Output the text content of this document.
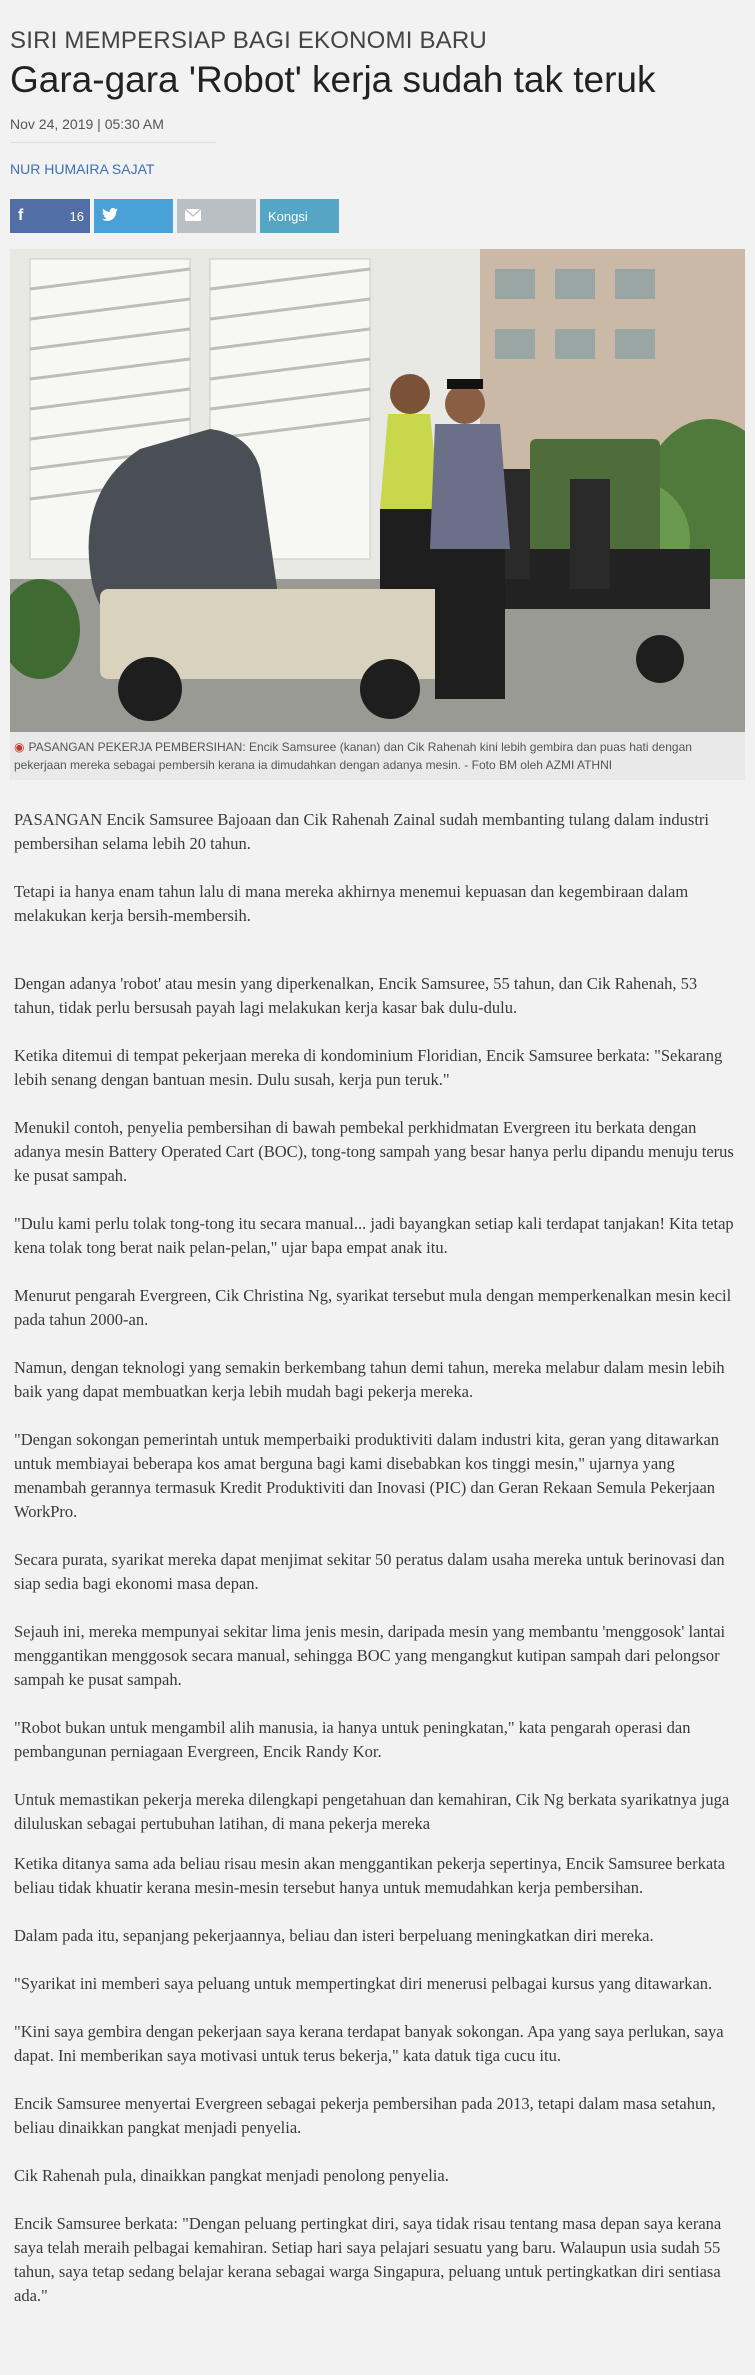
SIRI MEMPERSIAP BAGI EKONOMI BARU
Gara-gara 'Robot' kerja sudah tak teruk
Nov 24, 2019 | 05:30 AM
NUR HUMAIRA SAJAT
f	16	Kongsi
◉ PASANGAN PEKERJA PEMBERSIHAN: Encik Samsuree (kanan) dan Cik Rahenah kini lebih gembira dan puas hati dengan pekerjaan mereka sebagai pembersih kerana ia dimudahkan dengan adanya mesin. - Foto BM oleh AZMI ATHNI

PASANGAN Encik Samsuree Bajoaan dan Cik Rahenah Zainal sudah membanting tulang dalam industri pembersihan selama lebih 20 tahun.

Tetapi ia hanya enam tahun lalu di mana mereka akhirnya menemui kepuasan dan kegembiraan dalam melakukan kerja bersih-membersih.

Dengan adanya 'robot' atau mesin yang diperkenalkan, Encik Samsuree, 55 tahun, dan Cik Rahenah, 53 tahun, tidak perlu bersusah payah lagi melakukan kerja kasar bak dulu-dulu.

Ketika ditemui di tempat pekerjaan mereka di kondominium Floridian, Encik Samsuree berkata: "Sekarang lebih senang dengan bantuan mesin. Dulu susah, kerja pun teruk."

Menukil contoh, penyelia pembersihan di bawah pembekal perkhidmatan Evergreen itu berkata dengan adanya mesin Battery Operated Cart (BOC), tong-tong sampah yang besar hanya perlu dipandu menuju terus ke pusat sampah.

"Dulu kami perlu tolak tong-tong itu secara manual... jadi bayangkan setiap kali terdapat tanjakan! Kita tetap kena tolak tong berat naik pelan-pelan," ujar bapa empat anak itu.

Menurut pengarah Evergreen, Cik Christina Ng, syarikat tersebut mula dengan memperkenalkan mesin kecil pada tahun 2000-an.

Namun, dengan teknologi yang semakin berkembang tahun demi tahun, mereka melabur dalam mesin lebih baik yang dapat membuatkan kerja lebih mudah bagi pekerja mereka.

"Dengan sokongan pemerintah untuk memperbaiki produktiviti dalam industri kita, geran yang ditawarkan untuk membiayai beberapa kos amat berguna bagi kami disebabkan kos tinggi mesin," ujarnya yang menambah gerannya termasuk Kredit Produktiviti dan Inovasi (PIC) dan Geran Rekaan Semula Pekerjaan WorkPro.

Secara purata, syarikat mereka dapat menjimat sekitar 50 peratus dalam usaha mereka untuk berinovasi dan siap sedia bagi ekonomi masa depan.

Sejauh ini, mereka mempunyai sekitar lima jenis mesin, daripada mesin yang membantu 'menggosok' lantai menggantikan menggosok secara manual, sehingga BOC yang mengangkut kutipan sampah dari pelongsor sampah ke pusat sampah.

"Robot bukan untuk mengambil alih manusia, ia hanya untuk peningkatan," kata pengarah operasi dan pembangunan perniagaan Evergreen, Encik Randy Kor.

Untuk memastikan pekerja mereka dilengkapi pengetahuan dan kemahiran, Cik Ng berkata syarikatnya juga diluluskan sebagai pertubuhan latihan, di mana pekerja mereka

Ketika ditanya sama ada beliau risau mesin akan menggantikan pekerja sepertinya, Encik Samsuree berkata beliau tidak khuatir kerana mesin-mesin tersebut hanya untuk memudahkan kerja pembersihan.

Dalam pada itu, sepanjang pekerjaannya, beliau dan isteri berpeluang meningkatkan diri mereka.

"Syarikat ini memberi saya peluang untuk mempertingkat diri menerusi pelbagai kursus yang ditawarkan.

"Kini saya gembira dengan pekerjaan saya kerana terdapat banyak sokongan. Apa yang saya perlukan, saya dapat. Ini memberikan saya motivasi untuk terus bekerja," kata datuk tiga cucu itu.

Encik Samsuree menyertai Evergreen sebagai pekerja pembersihan pada 2013, tetapi dalam masa setahun, beliau dinaikkan pangkat menjadi penyelia.

Cik Rahenah pula, dinaikkan pangkat menjadi penolong penyelia.

Encik Samsuree berkata: "Dengan peluang pertingkat diri, saya tidak risau tentang masa depan saya kerana saya telah meraih pelbagai kemahiran. Setiap hari saya pelajari sesuatu yang baru. Walaupun usia sudah 55 tahun, saya tetap sedang belajar kerana sebagai warga Singapura, peluang untuk pertingkatkan diri sentiasa ada."
